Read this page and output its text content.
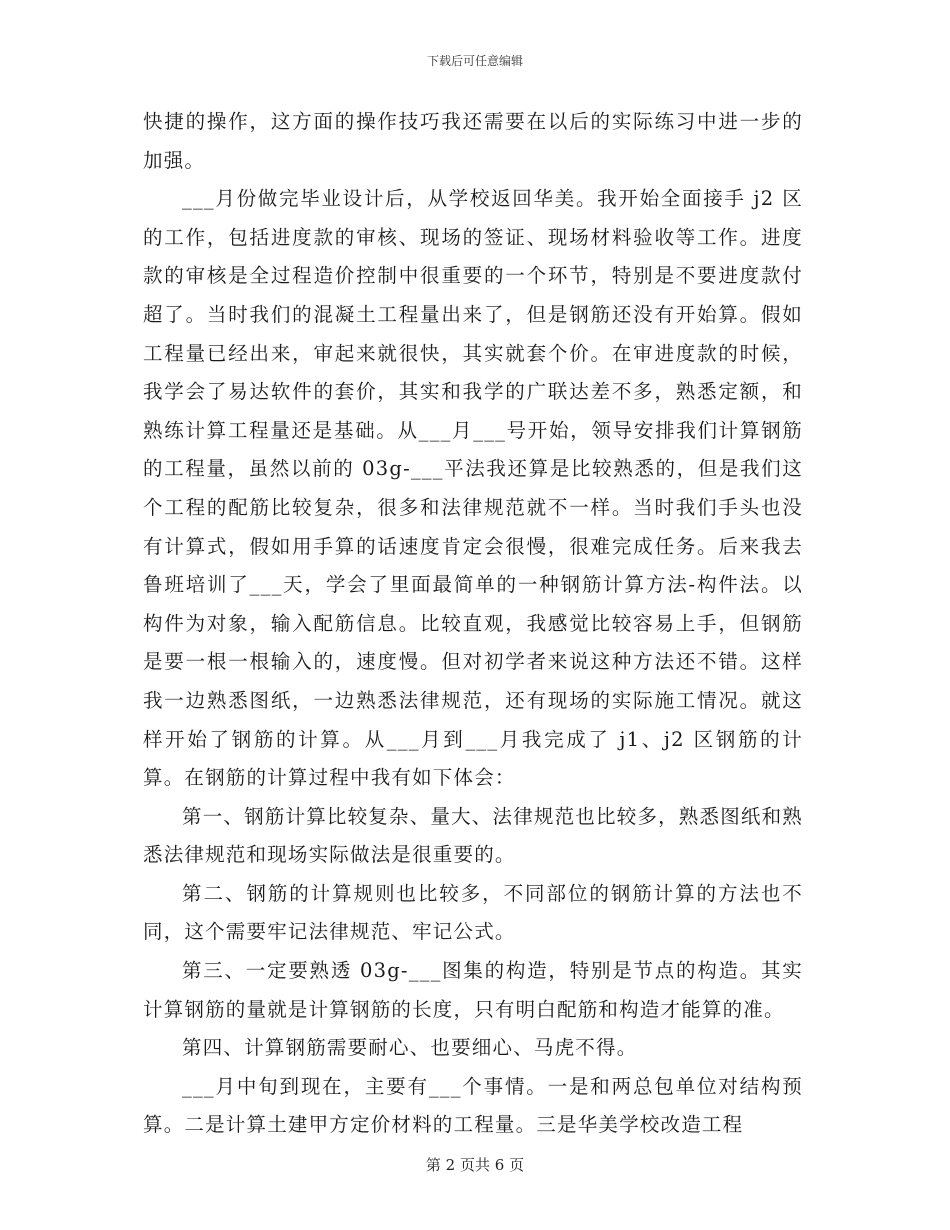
下载后可任意编辑

快捷的操作，这方面的操作技巧我还需要在以后的实际练习中进一步的加强。

___月份做完毕业设计后，从学校返回华美。我开始全面接手 j2 区的工作，包括进度款的审核、现场的签证、现场材料验收等工作。进度款的审核是全过程造价控制中很重要的一个环节，特别是不要进度款付超了。当时我们的混凝土工程量出来了，但是钢筋还没有开始算。假如工程量已经出来，审起来就很快，其实就套个价。在审进度款的时候，我学会了易达软件的套价，其实和我学的广联达差不多，熟悉定额，和熟练计算工程量还是基础。从___月___号开始，领导安排我们计算钢筋的工程量，虽然以前的 03g-___平法我还算是比较熟悉的，但是我们这个工程的配筋比较复杂，很多和法律规范就不一样。当时我们手头也没有计算式，假如用手算的话速度肯定会很慢，很难完成任务。后来我去鲁班培训了___天，学会了里面最简单的一种钢筋计算方法-构件法。以构件为对象，输入配筋信息。比较直观，我感觉比较容易上手，但钢筋是要一根一根输入的，速度慢。但对初学者来说这种方法还不错。这样我一边熟悉图纸，一边熟悉法律规范，还有现场的实际施工情况。就这样开始了钢筋的计算。从___月到___月我完成了 j1、j2 区钢筋的计算。在钢筋的计算过程中我有如下体会：

第一、钢筋计算比较复杂、量大、法律规范也比较多，熟悉图纸和熟悉法律规范和现场实际做法是很重要的。

第二、钢筋的计算规则也比较多，不同部位的钢筋计算的方法也不同，这个需要牢记法律规范、牢记公式。

第三、一定要熟透 03g-___图集的构造，特别是节点的构造。其实计算钢筋的量就是计算钢筋的长度，只有明白配筋和构造才能算的准。

第四、计算钢筋需要耐心、也要细心、马虎不得。

___月中旬到现在，主要有___个事情。一是和两总包单位对结构预算。二是计算土建甲方定价材料的工程量。三是华美学校改造工程

第 2 页共 6 页
